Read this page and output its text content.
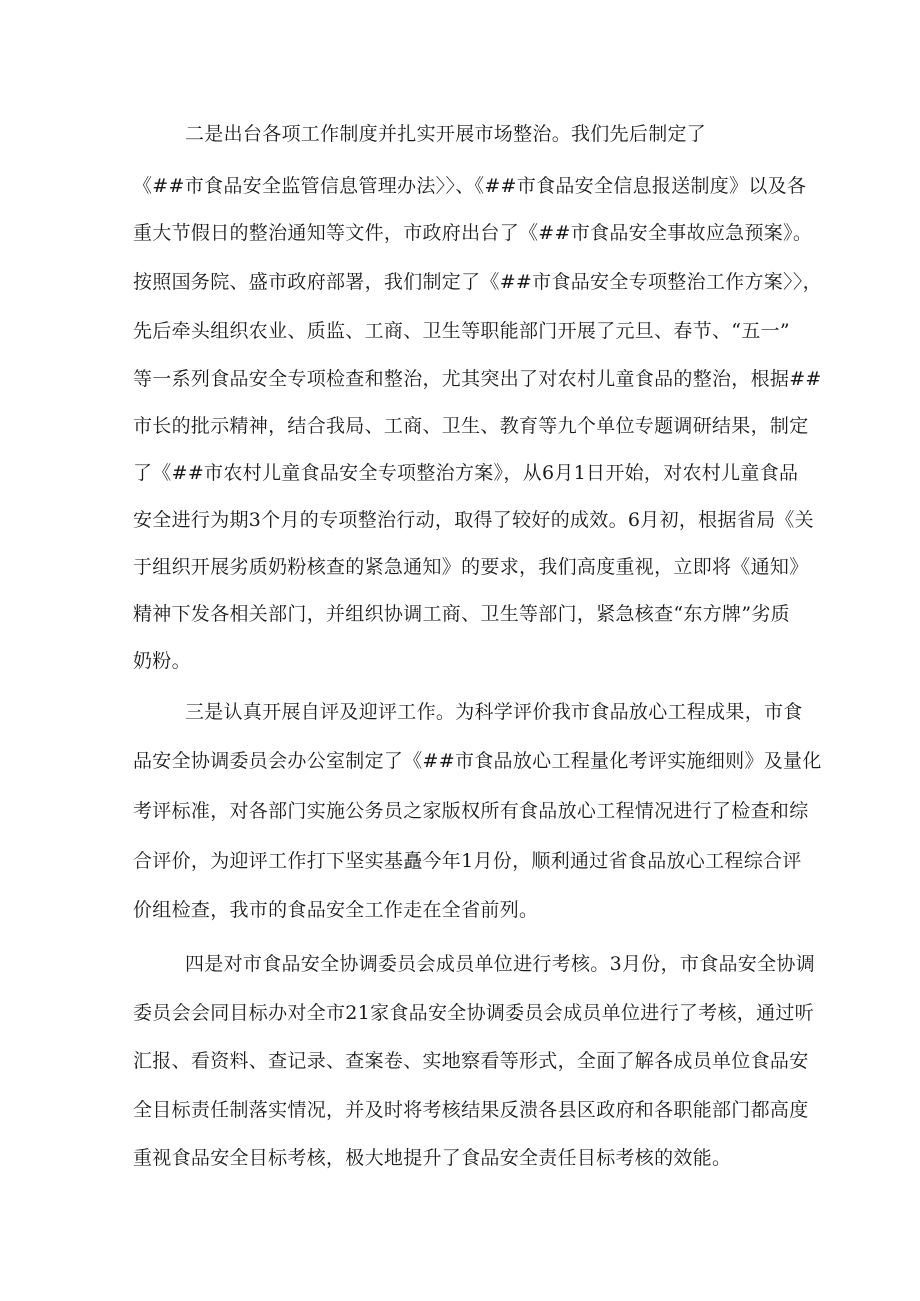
二是出台各项工作制度并扎实开展市场整治。我们先后制定了
《##市食品安全监管信息管理办法〉〉、《##市食品安全信息报送制度》以及各
重大节假日的整治通知等文件，市政府出台了《##市食品安全事故应急预案》。
按照国务院、盛市政府部署，我们制定了《##市食品安全专项整治工作方案〉〉，
先后牵头组织农业、质监、工商、卫生等职能部门开展了元旦、春节、“五一”
等一系列食品安全专项检查和整治，尤其突出了对农村儿童食品的整治，根据##
市长的批示精神，结合我局、工商、卫生、教育等九个单位专题调研结果，制定
了《##市农村儿童食品安全专项整治方案》，从6月1日开始，对农村儿童食品
安全进行为期3个月的专项整治行动，取得了较好的成效。6月初，根据省局《关
于组织开展劣质奶粉核查的紧急通知》的要求，我们高度重视，立即将《通知》
精神下发各相关部门，并组织协调工商、卫生等部门，紧急核查“东方牌”劣质
奶粉。
三是认真开展自评及迎评工作。为科学评价我市食品放心工程成果，市食
品安全协调委员会办公室制定了《##市食品放心工程量化考评实施细则》及量化
考评标准，对各部门实施公务员之家版权所有食品放心工程情况进行了检查和综
合评价，为迎评工作打下坚实基矗今年1月份，顺利通过省食品放心工程综合评
价组检查，我市的食品安全工作走在全省前列。
四是对市食品安全协调委员会成员单位进行考核。3月份，市食品安全协调
委员会会同目标办对全市21家食品安全协调委员会成员单位进行了考核，通过听
汇报、看资料、查记录、查案卷、实地察看等形式，全面了解各成员单位食品安
全目标责任制落实情况，并及时将考核结果反溃各县区政府和各职能部门都高度
重视食品安全目标考核，极大地提升了食品安全责任目标考核的效能。
